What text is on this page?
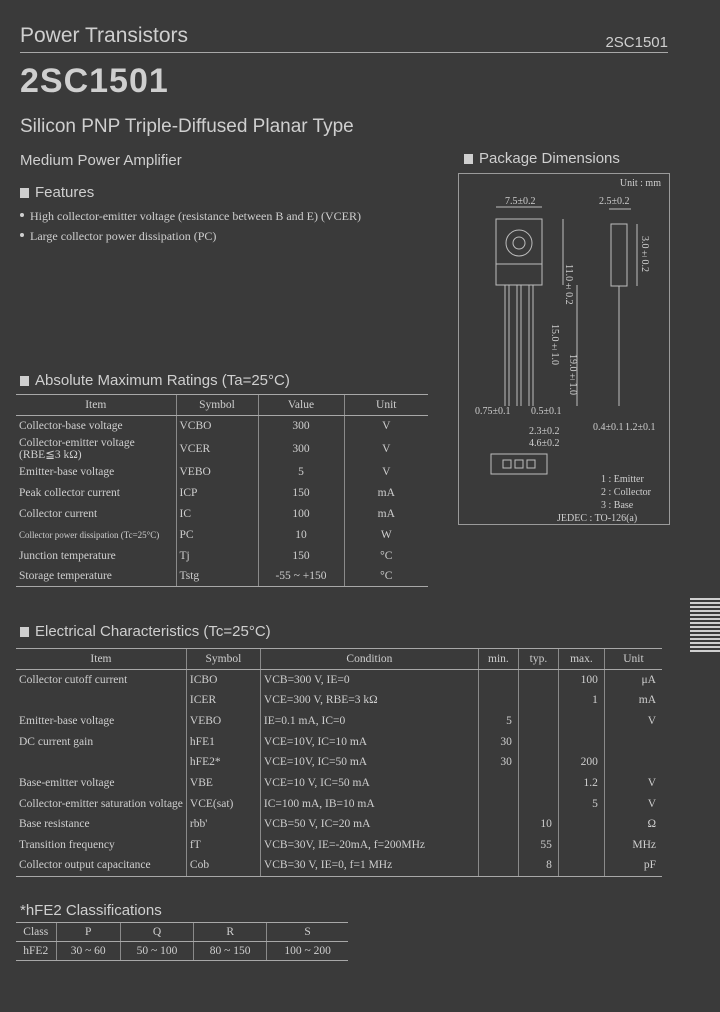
Power Transistors	2SC1501
2SC1501
Silicon PNP Triple-Diffused Planar Type
Medium Power Amplifier
Features
High collector-emitter voltage (resistance between B and E) (VCER)
Large collector power dissipation (PC)
Package Dimensions
Unit : mm
7.5±0.2	2.5±0.2
11.0±0.2
3.0±0.2
15.0±1.0
19.0±1.0
0.75±0.1 0.5±0.1
2.3±0.2
4.6±0.2
0.4±0.1 1.2±0.1
1 : Emitter
2 : Collector
3 : Base
JEDEC : TO-126(a)
Absolute Maximum Ratings (Ta=25°C)
Item	Symbol	Value	Unit
Collector-base voltage	VCBO	300	V
Collector-emitter voltage (RBE≦3 kΩ)	VCER	300	V
Emitter-base voltage	VEBO	5	V
Peak collector current	ICP	150	mA
Collector current	IC	100	mA
Collector power dissipation (Tc=25°C)	PC	10	W
Junction temperature	Tj	150	°C
Storage temperature	Tstg	-55 ~ +150	°C
Electrical Characteristics (Tc=25°C)
Item	Symbol	Condition	min.	typ.	max.	Unit
Collector cutoff current	ICBO	VCB=300 V, IE=0			100	μA
	ICER	VCE=300 V, RBE=3 kΩ			1	mA
Emitter-base voltage	VEBO	IE=0.1 mA, IC=0	5			V
DC current gain	hFE1	VCE=10V, IC=10 mA	30			
	hFE2*	VCE=10V, IC=50 mA	30		200	
Base-emitter voltage	VBE	VCE=10 V, IC=50 mA			1.2	V
Collector-emitter saturation voltage	VCE(sat)	IC=100 mA, IB=10 mA			5	V
Base resistance	rbb'	VCB=50 V, IC=20 mA		10		Ω
Transition frequency	fT	VCB=30V, IE=-20mA, f=200MHz		55		MHz
Collector output capacitance	Cob	VCB=30 V, IE=0, f=1 MHz		8		pF
*hFE2 Classifications
Class	P	Q	R	S
hFE2	30 ~ 60	50 ~ 100	80 ~ 150	100 ~ 200
